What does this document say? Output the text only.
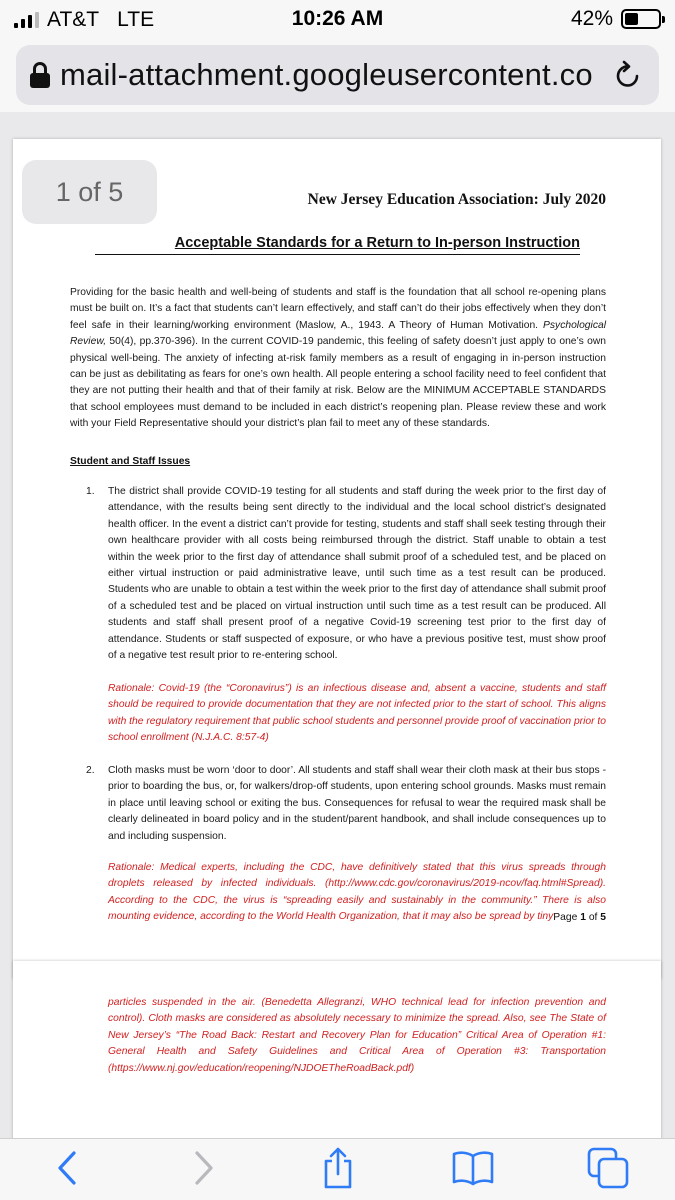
AT&T LTE	10:26 AM	42%
mail-attachment.googleusercontent.co
1 of 5	New Jersey Education Association: July 2020
Acceptable Standards for a Return to In-person Instruction
Providing for the basic health and well-being of students and staff is the foundation that all school re-opening plans must be built on. It’s a fact that students can’t learn effectively, and staff can’t do their jobs effectively when they don’t feel safe in their learning/working environment (Maslow, A., 1943. A Theory of Human Motivation. Psychological Review, 50(4), pp.370-396). In the current COVID-19 pandemic, this feeling of safety doesn’t just apply to one’s own physical well-being. The anxiety of infecting at-risk family members as a result of engaging in in-person instruction can be just as debilitating as fears for one’s own health. All people entering a school facility need to feel confident that they are not putting their health and that of their family at risk. Below are the MINIMUM ACCEPTABLE STANDARDS that school employees must demand to be included in each district’s reopening plan. Please review these and work with your Field Representative should your district’s plan fail to meet any of these standards.
Student and Staff Issues
1. The district shall provide COVID-19 testing for all students and staff during the week prior to the first day of attendance, with the results being sent directly to the individual and the local school district’s designated health officer. In the event a district can’t provide for testing, students and staff shall seek testing through their own healthcare provider with all costs being reimbursed through the district. Staff unable to obtain a test within the week prior to the first day of attendance shall submit proof of a scheduled test, and be placed on either virtual instruction or paid administrative leave, until such time as a test result can be produced. Students who are unable to obtain a test within the week prior to the first day of attendance shall submit proof of a scheduled test and be placed on virtual instruction until such time as a test result can be produced. All students and staff shall present proof of a negative Covid-19 screening test prior to the first day of attendance. Students or staff suspected of exposure, or who have a previous positive test, must show proof of a negative test result prior to re-entering school.
Rationale: Covid-19 (the “Coronavirus”) is an infectious disease and, absent a vaccine, students and staff should be required to provide documentation that they are not infected prior to the start of school. This aligns with the regulatory requirement that public school students and personnel provide proof of vaccination prior to school enrollment (N.J.A.C. 8:57-4)
2. Cloth masks must be worn ‘door to door’. All students and staff shall wear their cloth mask at their bus stops - prior to boarding the bus, or, for walkers/drop-off students, upon entering school grounds. Masks must remain in place until leaving school or exiting the bus. Consequences for refusal to wear the required mask shall be clearly delineated in board policy and in the student/parent handbook, and shall include consequences up to and including suspension.
Rationale: Medical experts, including the CDC, have definitively stated that this virus spreads through droplets released by infected individuals. (http://www.cdc.gov/coronavirus/2019-ncov/faq.html#Spread). According to the CDC, the virus is “spreading easily and sustainably in the community.” There is also mounting evidence, according to the World Health Organization, that it may also be spread by tiny Page 1 of 5
particles suspended in the air. (Benedetta Allegranzi, WHO technical lead for infection prevention and control). Cloth masks are considered as absolutely necessary to minimize the spread. Also, see The State of New Jersey’s “The Road Back: Restart and Recovery Plan for Education” Critical Area of Operation #1: General Health and Safety Guidelines and Critical Area of Operation #3: Transportation (https://www.nj.gov/education/reopening/NJDOETheRoadBack.pdf)
